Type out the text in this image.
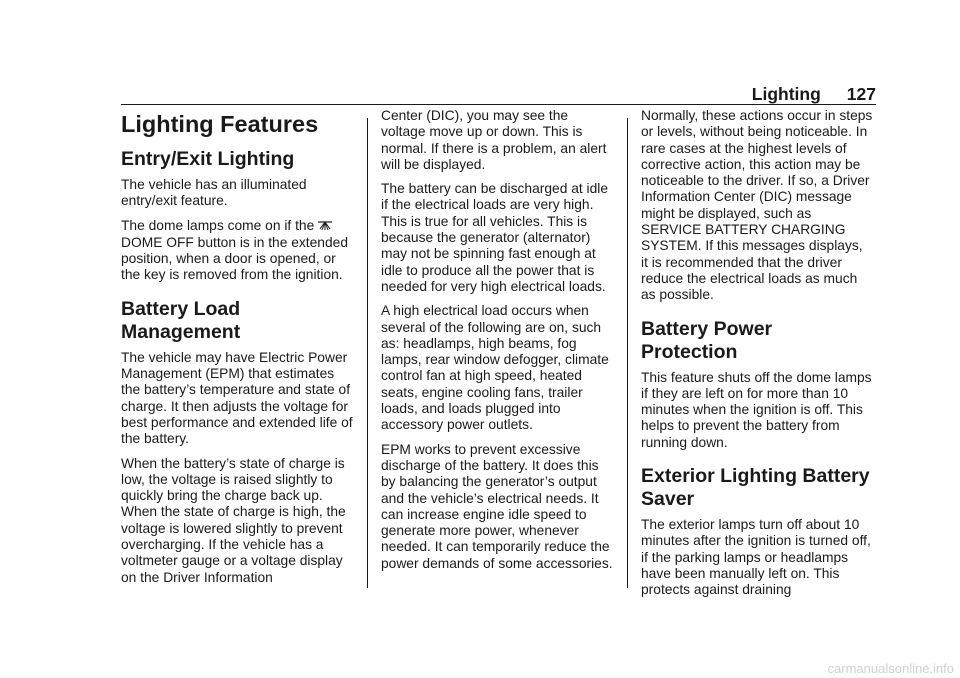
Lighting 127
Lighting Features
Entry/Exit Lighting

The vehicle has an illuminated entry/exit feature.

The dome lamps come on if the
DOME OFF button is in the extended position, when a door is opened, or the key is removed from the ignition.

Battery Load Management

The vehicle may have Electric Power Management (EPM) that estimates the battery’s temperature and state of charge. It then adjusts the voltage for best performance and extended life of the battery.

When the battery’s state of charge is low, the voltage is raised slightly to quickly bring the charge back up. When the state of charge is high, the voltage is lowered slightly to prevent overcharging. If the vehicle has a voltmeter gauge or a voltage display on the Driver Information

Center (DIC), you may see the voltage move up or down. This is normal. If there is a problem, an alert will be displayed.

The battery can be discharged at idle if the electrical loads are very high. This is true for all vehicles. This is because the generator (alternator) may not be spinning fast enough at idle to produce all the power that is needed for very high electrical loads.

A high electrical load occurs when several of the following are on, such as: headlamps, high beams, fog lamps, rear window defogger, climate control fan at high speed, heated seats, engine cooling fans, trailer loads, and loads plugged into accessory power outlets.

EPM works to prevent excessive discharge of the battery. It does this by balancing the generator’s output and the vehicle’s electrical needs. It can increase engine idle speed to generate more power, whenever needed. It can temporarily reduce the power demands of some accessories.

Normally, these actions occur in steps or levels, without being noticeable. In rare cases at the highest levels of corrective action, this action may be noticeable to the driver. If so, a Driver Information Center (DIC) message might be displayed, such as SERVICE BATTERY CHARGING SYSTEM. If this messages displays, it is recommended that the driver reduce the electrical loads as much as possible.

Battery Power Protection

This feature shuts off the dome lamps if they are left on for more than 10 minutes when the ignition is off. This helps to prevent the battery from running down.

Exterior Lighting Battery Saver

The exterior lamps turn off about 10 minutes after the ignition is turned off, if the parking lamps or headlamps have been manually left on. This protects against draining

carmanualsonline.info
